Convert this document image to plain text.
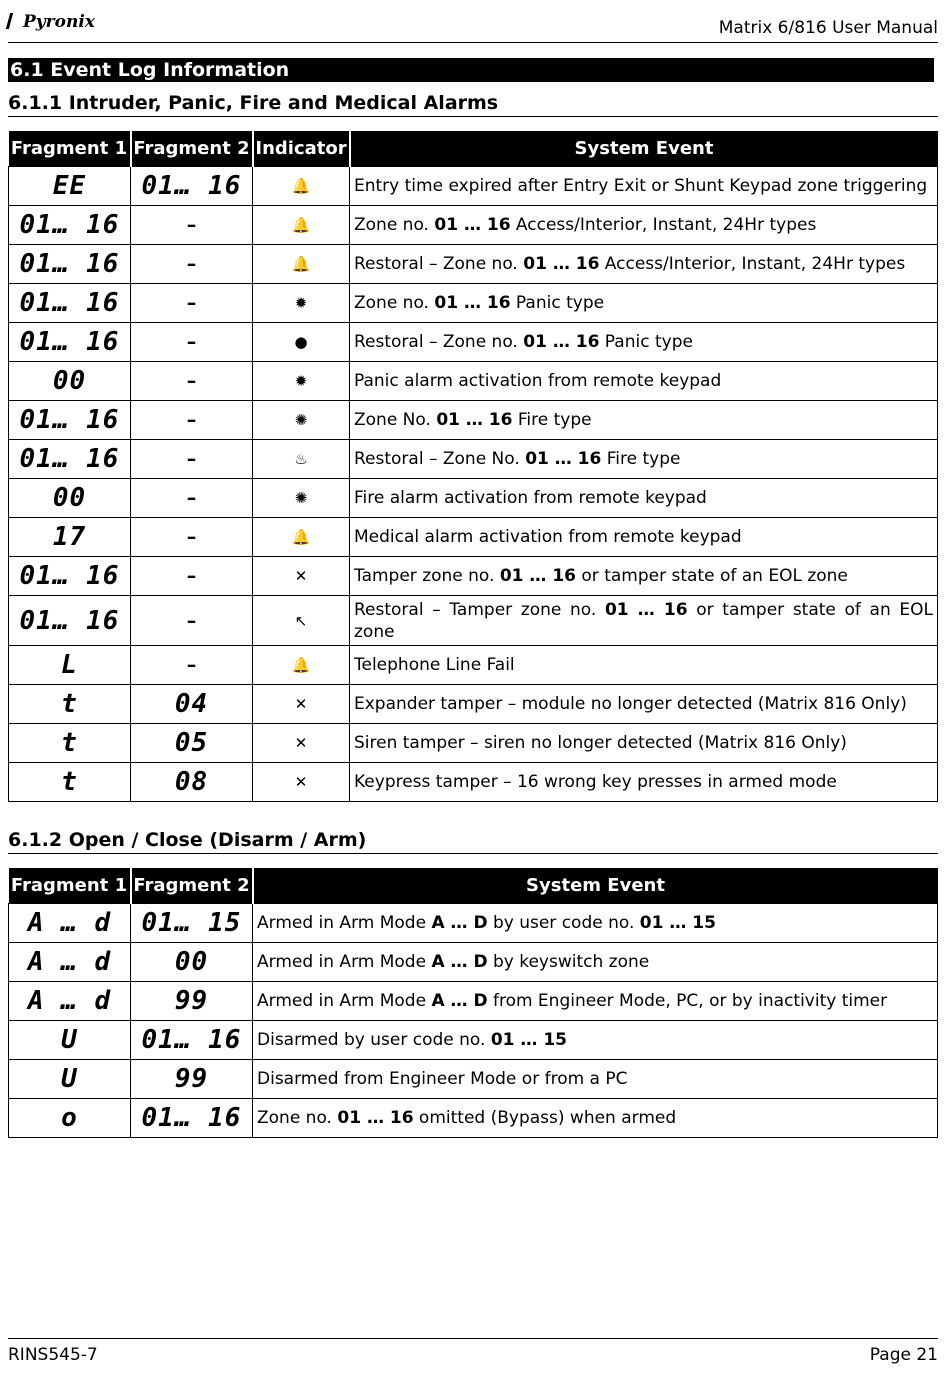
Pyronix	Matrix 6/816 User Manual
6.1 Event Log Information
6.1.1 Intruder, Panic, Fire and Medical Alarms
Fragment 1	Fragment 2	Indicator	System Event
EE	01… 16	🔔	Entry time expired after Entry Exit or Shunt Keypad zone triggering
01… 16	–	🔔	Zone no. 01 … 16 Access/Interior, Instant, 24Hr types
01… 16	–	🔔	Restoral – Zone no. 01 … 16 Access/Interior, Instant, 24Hr types
01… 16	–	✹	Zone no. 01 … 16 Panic type
01… 16	–	●	Restoral – Zone no. 01 … 16 Panic type
00	–	✹	Panic alarm activation from remote keypad
01… 16	–	✺	Zone No. 01 … 16 Fire type
01… 16	–	♨	Restoral – Zone No. 01 … 16 Fire type
00	–	✺	Fire alarm activation from remote keypad
17	–	🔔	Medical alarm activation from remote keypad
01… 16	–	✕	Tamper zone no. 01 … 16 or tamper state of an EOL zone
01… 16	–	↖	Restoral – Tamper zone no. 01 … 16 or tamper state of an EOL zone
L	–	🔔	Telephone Line Fail
t	04	✕	Expander tamper – module no longer detected (Matrix 816 Only)
t	05	✕	Siren tamper – siren no longer detected (Matrix 816 Only)
t	08	✕	Keypress tamper – 16 wrong key presses in armed mode
6.1.2 Open / Close (Disarm / Arm)
Fragment 1	Fragment 2	System Event
A … d	01… 15	Armed in Arm Mode A … D by user code no. 01 … 15
A … d	00	Armed in Arm Mode A … D by keyswitch zone
A … d	99	Armed in Arm Mode A … D from Engineer Mode, PC, or by inactivity timer
U	01… 16	Disarmed by user code no. 01 … 15
U	99	Disarmed from Engineer Mode or from a PC
o	01… 16	Zone no. 01 … 16 omitted (Bypass) when armed
RINS545-7	Page 21
